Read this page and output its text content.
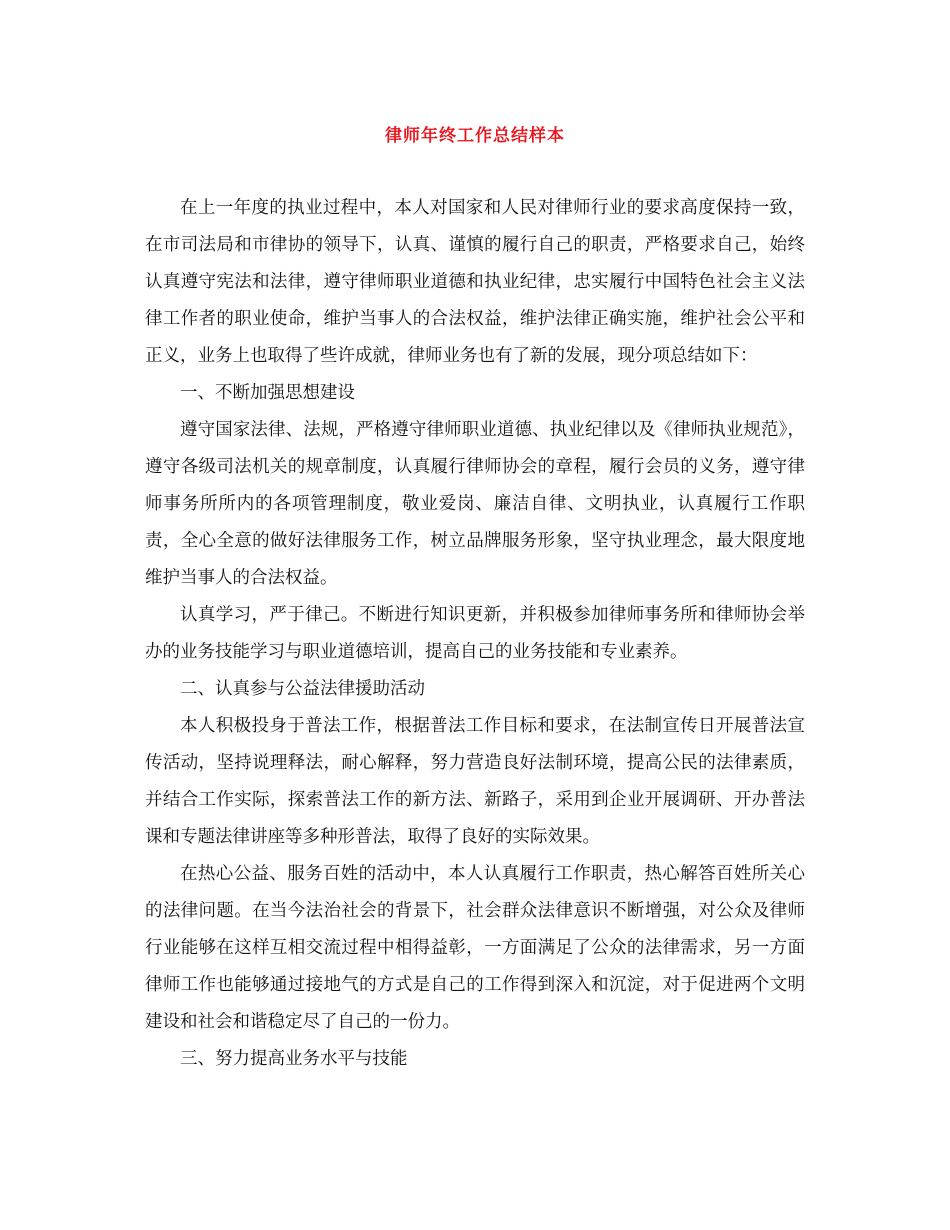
律师年终工作总结样本

在上一年度的执业过程中，本人对国家和人民对律师行业的要求高度保持一致，在市司法局和市律协的领导下，认真、谨慎的履行自己的职责，严格要求自己，始终认真遵守宪法和法律，遵守律师职业道德和执业纪律，忠实履行中国特色社会主义法律工作者的职业使命，维护当事人的合法权益，维护法律正确实施，维护社会公平和正义，业务上也取得了些许成就，律师业务也有了新的发展，现分项总结如下：

一、不断加强思想建设

遵守国家法律、法规，严格遵守律师职业道德、执业纪律以及《律师执业规范》，遵守各级司法机关的规章制度，认真履行律师协会的章程，履行会员的义务，遵守律师事务所所内的各项管理制度，敬业爱岗、廉洁自律、文明执业，认真履行工作职责，全心全意的做好法律服务工作，树立品牌服务形象，坚守执业理念，最大限度地维护当事人的合法权益。

认真学习，严于律己。不断进行知识更新，并积极参加律师事务所和律师协会举办的业务技能学习与职业道德培训，提高自己的业务技能和专业素养。

二、认真参与公益法律援助活动

本人积极投身于普法工作，根据普法工作目标和要求，在法制宣传日开展普法宣传活动，坚持说理释法，耐心解释，努力营造良好法制环境，提高公民的法律素质，并结合工作实际，探索普法工作的新方法、新路子，采用到企业开展调研、开办普法课和专题法律讲座等多种形普法，取得了良好的实际效果。

在热心公益、服务百姓的活动中，本人认真履行工作职责，热心解答百姓所关心的法律问题。在当今法治社会的背景下，社会群众法律意识不断增强，对公众及律师行业能够在这样互相交流过程中相得益彰，一方面满足了公众的法律需求，另一方面律师工作也能够通过接地气的方式是自己的工作得到深入和沉淀，对于促进两个文明建设和社会和谐稳定尽了自己的一份力。

三、努力提高业务水平与技能
